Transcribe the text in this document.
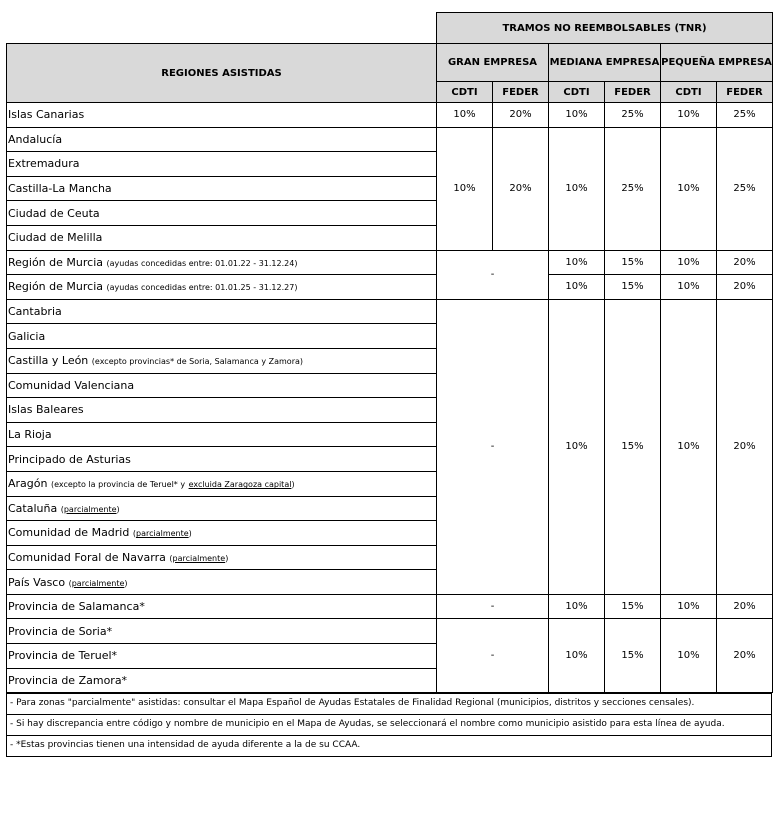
	TRAMOS NO REEMBOLSABLES (TNR)					
REGIONES ASISTIDAS	GRAN EMPRESA		MEDIANA EMPRESA		PEQUEÑA EMPRESA	
	CDTI	FEDER	CDTI	FEDER	CDTI	FEDER
Islas Canarias	10%	20%	10%	25%	10%	25%
Andalucía	10%	20%	10%	25%	10%	25%
Extremadura						
Castilla-La Mancha						
Ciudad de Ceuta						
Ciudad de Melilla						
Región de Murcia (ayudas concedidas entre: 01.01.22 - 31.12.24)	-		10%	15%	10%	20%
Región de Murcia (ayudas concedidas entre: 01.01.25 - 31.12.27)			10%	15%	10%	20%
Cantabria	-		10%	15%	10%	20%
Galicia						
Castilla y León (excepto provincias* de Soria, Salamanca y Zamora)						
Comunidad Valenciana						
Islas Baleares						
La Rioja						
Principado de Asturias						
Aragón (excepto la provincia de Teruel* y excluida Zaragoza capital)						
Cataluña (parcialmente)						
Comunidad de Madrid (parcialmente)						
Comunidad Foral de Navarra (parcialmente)						
País Vasco (parcialmente)						
Provincia de Salamanca*	-		10%	15%	10%	20%
Provincia de Soria*	-		10%	15%	10%	20%
Provincia de Teruel*						
Provincia de Zamora*						
- Para zonas "parcialmente" asistidas: consultar el Mapa Español de Ayudas Estatales de Finalidad Regional (municipios, distritos y secciones censales).
- Si hay discrepancia entre código y nombre de municipio en el Mapa de Ayudas, se seleccionará el nombre como municipio asistido para esta línea de ayuda.
- *Estas provincias tienen una intensidad de ayuda diferente a la de su CCAA.
